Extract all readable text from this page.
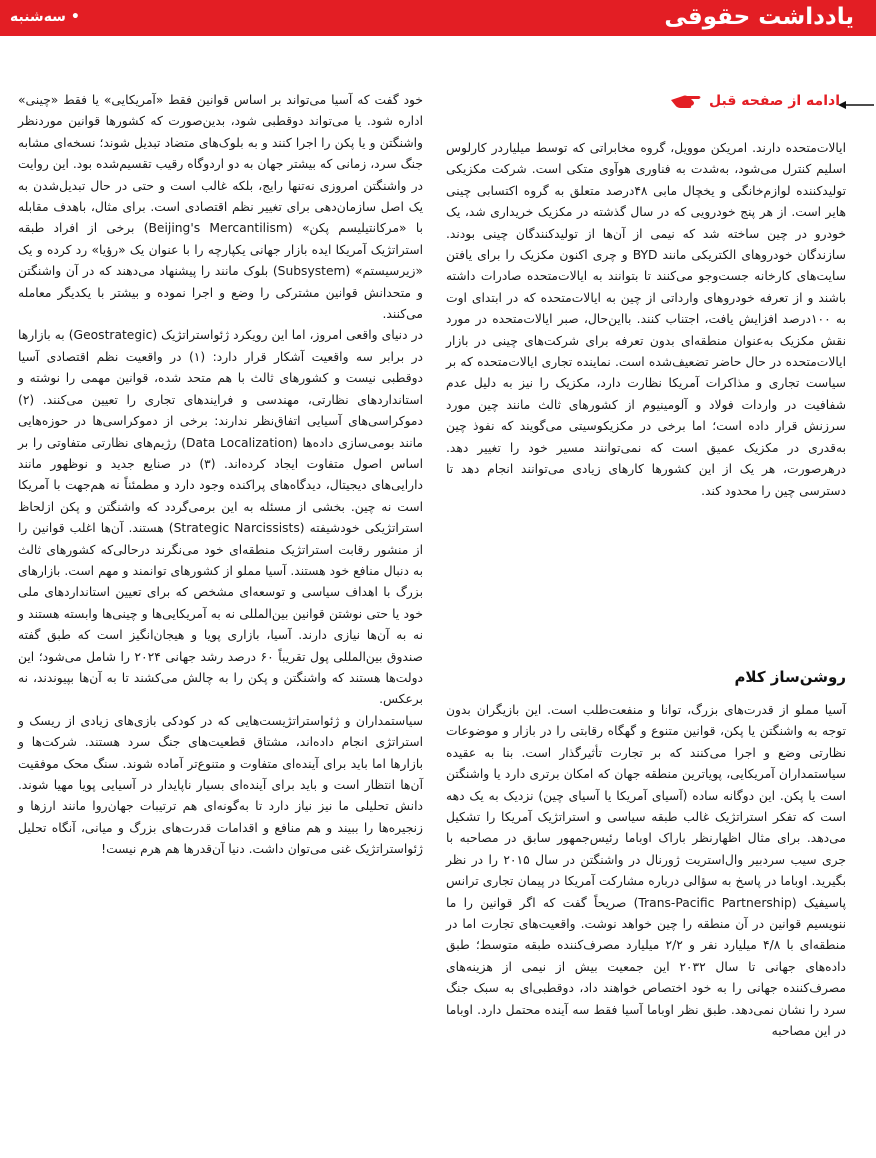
یادداشت حقوقی
• سه‌شنبه
ادامه از صفحه قبل

ایالات‌متحده دارند. امریکن موویل، گروه مخابراتی که توسط میلیاردر کارلوس اسلیم کنترل می‌شود، به‌شدت به فناوری هوآوی متکی است. شرکت مکزیکی تولیدکننده لوازم‌خانگی و یخچال مابی ۴۸درصد متعلق به گروه اکتسابی چینی هایر است. از هر پنج خودرویی که در سال گذشته در مکزیک خریداری شد، یک خودرو در چین ساخته شد که نیمی از آن‌ها از تولیدکنندگان چینی بودند. سازندگان خودروهای الکتریکی مانند BYD و چری اکنون مکزیک را برای یافتن سایت‌های کارخانه جست‌وجو می‌کنند تا بتوانند به ایالات‌متحده صادرات داشته باشند و از تعرفه خودروهای وارداتی از چین به ایالات‌متحده که در ابتدای اوت به ۱۰۰درصد افزایش یافت، اجتناب کنند. بااین‌حال، صبر ایالات‌متحده در مورد نقش مکزیک به‌عنوان منطقه‌ای بدون تعرفه برای شرکت‌های چینی در بازار ایالات‌متحده در حال حاضر تضعیف‌شده است. نماینده تجاری ایالات‌متحده که بر سیاست تجاری و مذاکرات آمریکا نظارت دارد، مکزیک را نیز به دلیل عدم شفافیت در واردات فولاد و آلومینیوم از کشورهای ثالث مانند چین مورد سرزنش قرار داده است؛ اما برخی در مکزیکوسیتی می‌گویند که نفوذ چین به‌قدری در مکزیک عمیق است که نمی‌توانند مسیر خود را تغییر دهد. درهرصورت، هر یک از این کشورها کارهای زیادی می‌توانند انجام دهد تا دسترسی چین را محدود کند.

روشن‌ساز کلام

آسیا مملو از قدرت‌های بزرگ، توانا و منفعت‌طلب است. این بازیگران بدون توجه به واشنگتن یا پکن، قوانین متنوع و گهگاه رقابتی را در بازار و موضوعات نظارتی وضع و اجرا می‌کنند که بر تجارت تأثیرگذار است. بنا به عقیده سیاستمداران آمریکایی، پویاترین منطقه جهان که امکان برتری دارد یا واشنگتن است یا پکن. این دوگانه ساده (آسیای آمریکا یا آسیای چین) نزدیک به یک دهه است که تفکر استراتژیک غالب طبقه سیاسی و استراتژیک آمریکا را تشکیل می‌دهد. برای مثال اظهارنظر باراک اوباما رئیس‌جمهور سابق در مصاحبه با جری سیب سردبیر وال‌استریت ژورنال در واشنگتن در سال ۲۰۱۵ را در نظر بگیرید. اوباما در پاسخ به سؤالی درباره مشارکت آمریکا در پیمان تجاری ترانس پاسیفیک (Trans-Pacific Partnership) صریحاً گفت که اگر قوانین را ما ننویسیم قوانین در آن منطقه را چین خواهد نوشت. واقعیت‌های تجارت اما در منطقه‌ای با ۴/۸ میلیارد نفر و ۲/۲ میلیارد مصرف‌کننده طبقه متوسط؛ طبق داده‌های جهانی تا سال ۲۰۳۲ این جمعیت بیش از نیمی از هزینه‌های مصرف‌کننده جهانی را به خود اختصاص خواهند داد، دوقطبی‌ای به سبک جنگ سرد را نشان نمی‌دهد. طبق نظر اوباما آسیا فقط سه آینده محتمل دارد. اوباما در این مصاحبه

خود گفت که آسیا می‌تواند بر اساس قوانین فقط «آمریکایی» یا فقط «چینی» اداره شود. یا می‌تواند دوقطبی شود، بدین‌صورت که کشورها قوانین موردنظر واشنگتن و یا پکن را اجرا کنند و به بلوک‌های متضاد تبدیل شوند؛ نسخه‌ای مشابه جنگ سرد، زمانی که بیشتر جهان به دو اردوگاه رقیب تقسیم‌شده بود. این روایت در واشنگتن امروزی نه‌تنها رایج، بلکه غالب است و حتی در حال تبدیل‌شدن به یک اصل سازمان‌دهی برای تغییر نظم اقتصادی است. برای مثال، باهدف مقابله با «مرکانتیلیسم پکن» (Beijing's Mercantilism) برخی از افراد طبقه استراتژیک آمریکا ایده بازار جهانی یکپارچه را با عنوان یک «رؤیا» رد کرده و یک «زیرسیستم» (Subsystem) بلوک مانند را پیشنهاد می‌دهند که در آن واشنگتن و متحدانش قوانین مشترکی را وضع و اجرا نموده و بیشتر با یکدیگر معامله می‌کنند.

در دنیای واقعی امروز، اما این رویکرد ژئواستراتژیک (Geostrategic) به بازارها در برابر سه واقعیت آشکار قرار دارد: (۱) در واقعیت نظم اقتصادی آسیا دوقطبی نیست و کشورهای ثالث با هم متحد شده، قوانین مهمی را نوشته و استانداردهای نظارتی، مهندسی و فرایندهای تجاری را تعیین می‌کنند. (۲) دموکراسی‌های آسیایی اتفاق‌نظر ندارند: برخی از دموکراسی‌ها در حوزه‌هایی مانند بومی‌سازی داده‌ها (Data Localization) رژیم‌های نظارتی متفاوتی را بر اساس اصول متفاوت ایجاد کرده‌اند. (۳) در صنایع جدید و نوظهور مانند دارایی‌های دیجیتال، دیدگاه‌های پراکنده وجود دارد و مطمئناً نه هم‌جهت با آمریکا است نه چین. بخشی از مسئله به این برمی‌گردد که واشنگتن و پکن ازلحاظ استراتژیکی خودشیفته (Strategic Narcissists) هستند. آن‌ها اغلب قوانین را از منشور رقابت استراتژیک منطقه‌ای خود می‌نگرند درحالی‌که کشورهای ثالث به دنبال منافع خود هستند. آسیا مملو از کشورهای توانمند و مهم است. بازارهای بزرگ با اهداف سیاسی و توسعه‌ای مشخص که برای تعیین استانداردهای ملی خود یا حتی نوشتن قوانین بین‌المللی نه به آمریکایی‌ها و چینی‌ها وابسته هستند و نه به آن‌ها نیازی دارند. آسیا، بازاری پویا و هیجان‌انگیز است که طبق گفته صندوق بین‌المللی پول تقریباً ۶۰ درصد رشد جهانی ۲۰۲۴ را شامل می‌شود؛ این دولت‌ها هستند که واشنگتن و پکن را به چالش می‌کشند تا به آن‌ها بپیوندند، نه برعکس.

سیاستمداران و ژئواستراتژیست‌هایی که در کودکی بازی‌های زیادی از ریسک و استراتژی انجام داده‌اند، مشتاق قطعیت‌های جنگ سرد هستند. شرکت‌ها و بازارها اما باید برای آینده‌ای متفاوت و متنوع‌تر آماده شوند. سنگ محک موفقیت آن‌ها انتظار است و باید برای آینده‌ای بسیار ناپایدار در آسیایی پویا مهیا شوند. دانش تحلیلی ما نیز نیاز دارد تا به‌گونه‌ای هم ترتیبات جهان‌روا مانند ارزها و زنجیره‌ها را ببیند و هم منافع و اقدامات قدرت‌های بزرگ و میانی، آنگاه تحلیل ژئواستراتژیک غنی می‌توان داشت. دنیا آن‌قدرها هم هرم نیست!
